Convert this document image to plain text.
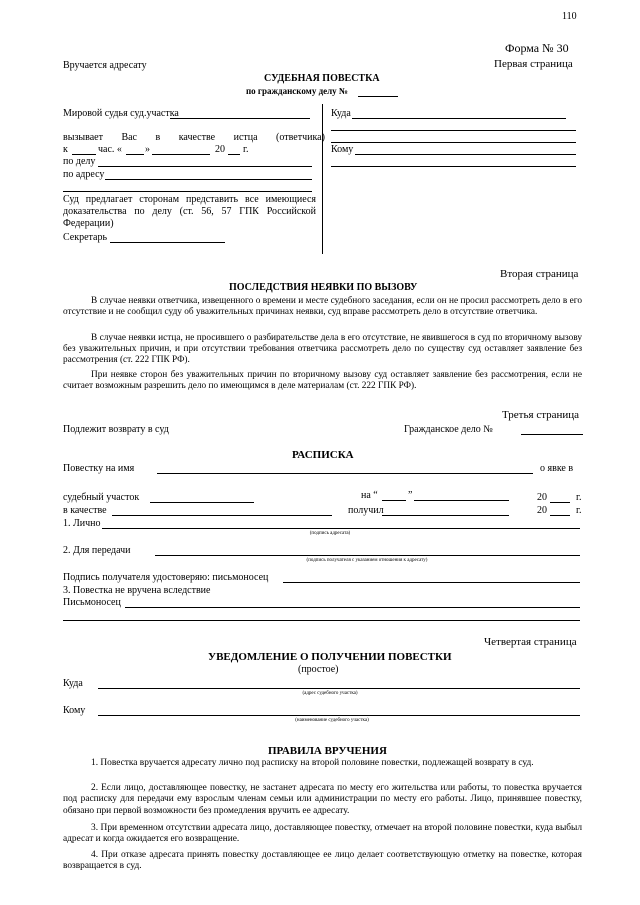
110
Форма № 30
Вручается адресату	Первая страница
СУДЕБНАЯ ПОВЕСТКА
по гражданскому делу №
Мировой судья суд.участка
вызывает Вас в качестве истца (ответчика)
к	час. « »	20 г.
по делу
по адресу
Суд предлагает сторонам представить все имеющиеся доказательства по делу (ст. 56, 57 ГПК Российской Федерации)
Секретарь
Куда
Кому
Вторая страница
ПОСЛЕДСТВИЯ НЕЯВКИ ПО ВЫЗОВУ
В случае неявки ответчика, извещенного о времени и месте судебного заседания, если он не просил рассмотреть дело в его отсутствие и не сообщил суду об уважительных причинах неявки, суд вправе рассмотреть дело в отсутствие ответчика.
В случае неявки истца, не просившего о разбирательстве дела в его отсутствие, не явившегося в суд по вторичному вызову без уважительных причин, и при отсутствии требования ответчика рассмотреть дело по существу суд оставляет заявление без рассмотрения (ст. 222 ГПК РФ).
При неявке сторон без уважительных причин по вторичному вызову суд оставляет заявление без рассмотрения, если не считает возможным разрешить дело по имеющимся в деле материалам (ст. 222 ГПК РФ).
Третья страница
Подлежит возврату в суд	Гражданское дело №
РАСПИСКА
Повестку на имя	о явке в
судебный участок	на “	”	20	г.
в качестве	получил	20	г.
1. Лично
(подпись адресата)
2. Для передачи
(подпись получателя с указанием отношения к адресату)
Подпись получателя удостоверяю: письмоносец
3. Повестка не вручена вследствие
Письмоносец
Четвертая страница
УВЕДОМЛЕНИЕ О ПОЛУЧЕНИИ ПОВЕСТКИ
(простое)
Куда
(адрес судебного участка)
Кому
(наименование судебного участка)
ПРАВИЛА ВРУЧЕНИЯ
1. Повестка вручается адресату лично под расписку на второй половине повестки, подлежащей возврату в суд.
2. Если лицо, доставляющее повестку, не застанет адресата по месту его жительства или работы, то повестка вручается под расписку для передачи ему взрослым членам семьи или администрации по месту его работы. Лицо, принявшее повестку, обязано при первой возможности без промедления вручить ее адресату.
3. При временном отсутствии адресата лицо, доставляющее повестку, отмечает на второй половине повестки, куда выбыл адресат и когда ожидается его возвращение.
4. При отказе адресата принять повестку доставляющее ее лицо делает соответствующую отметку на повестке, которая возвращается в суд.
